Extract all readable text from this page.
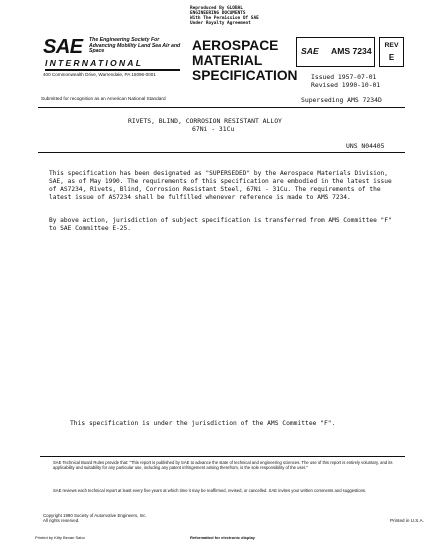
Reproduced By GLOBAL
ENGINEERING DOCUMENTS
With The Permission Of SAE
Under Royalty Agreement
SAE The Engineering Society For Advancing Mobility Land Sea Air and Space
INTERNATIONAL
400 Commonwealth Drive, Warrendale, PA 15096-0001
AEROSPACE
MATERIAL
SPECIFICATION
SAE AMS 7234
REV
E
Issued 1957-07-01
Revised 1990-10-01
Superseding AMS 7234D
Submitted for recognition as an American National Standard
RIVETS, BLIND, CORROSION RESISTANT ALLOY
67Ni - 31Cu
UNS N04405
This specification has been designated as "SUPERSEDED" by the Aerospace Materials Division, SAE, as of May 1990. The requirements of this specification are embodied in the latest issue of AS7234, Rivets, Blind, Corrosion Resistant Steel, 67Ni - 31Cu. The requirements of the latest issue of AS7234 shall be fulfilled whenever reference is made to AMS 7234.
By above action, jurisdiction of subject specification is transferred from AMS Committee "F" to SAE Committee E-25.
This specification is under the jurisdiction of the AMS Committee "F".
SAE Technical Board Rules provide that: "This report is published by SAE to advance the state of technical and engineering sciences. The use of this report is entirely voluntary, and its applicability and suitability for any particular use, including any patent infringement arising therefrom, is the sole responsibility of the user."
SAE reviews each technical report at least every five years at which time it may be reaffirmed, revised, or cancelled. SAE invites your written comments and suggestions.
Copyright 1990 Society of Automotive Engineers, Inc.
All rights reserved.	Printed in U.S.A.
Printed by Kitty Bevan Sabo	Reformatted for electronic display
